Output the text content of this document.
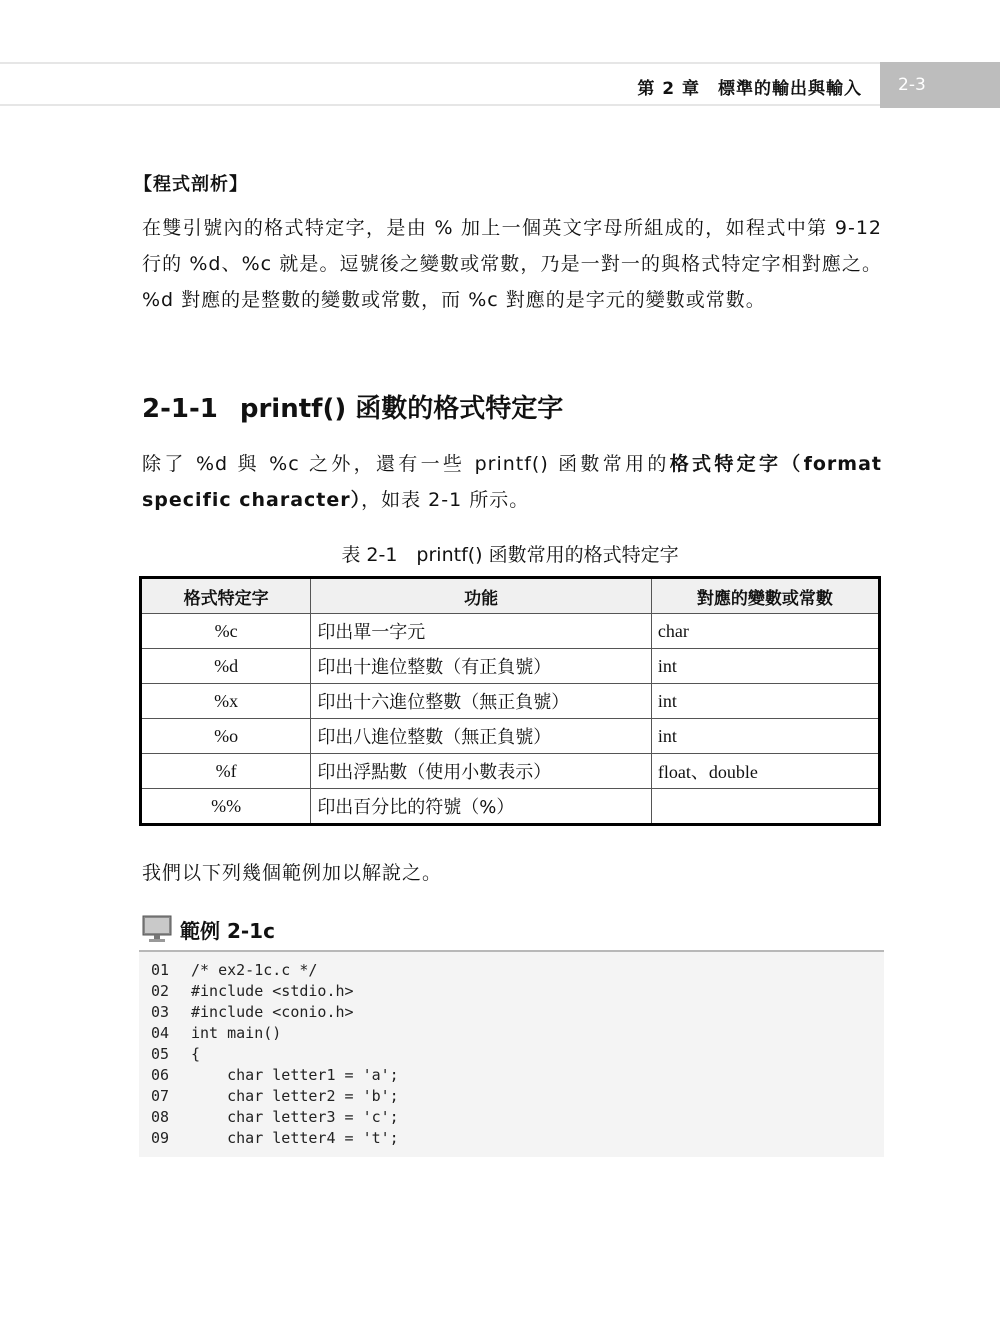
第 2 章　標準的輸出與輸入	2-3
【程式剖析】
在雙引號內的格式特定字，是由 % 加上一個英文字母所組成的，如程式中第 9-12 行的 %d、%c 就是。逗號後之變數或常數，乃是一對一的與格式特定字相對應之。%d 對應的是整數的變數或常數，而 %c 對應的是字元的變數或常數。
2-1-1 printf() 函數的格式特定字
除了 %d 與 %c 之外，還有一些 printf() 函數常用的格式特定字（format specific character），如表 2-1 所示。
表 2-1　printf() 函數常用的格式特定字
格式特定字	功能	對應的變數或常數
%c	印出單一字元	char
%d	印出十進位整數（有正負號）	int
%x	印出十六進位整數（無正負號）	int
%o	印出八進位整數（無正負號）	int
%f	印出浮點數（使用小數表示）	float、double
%%	印出百分比的符號（%）	
我們以下列幾個範例加以解說之。
範例 2-1c
01	/* ex2-1c.c */
02	#include <stdio.h>
03	#include <conio.h>
04	int main()
05	{
06	char letter1 = 'a';
07	char letter2 = 'b';
08	char letter3 = 'c';
09	char letter4 = 't';
